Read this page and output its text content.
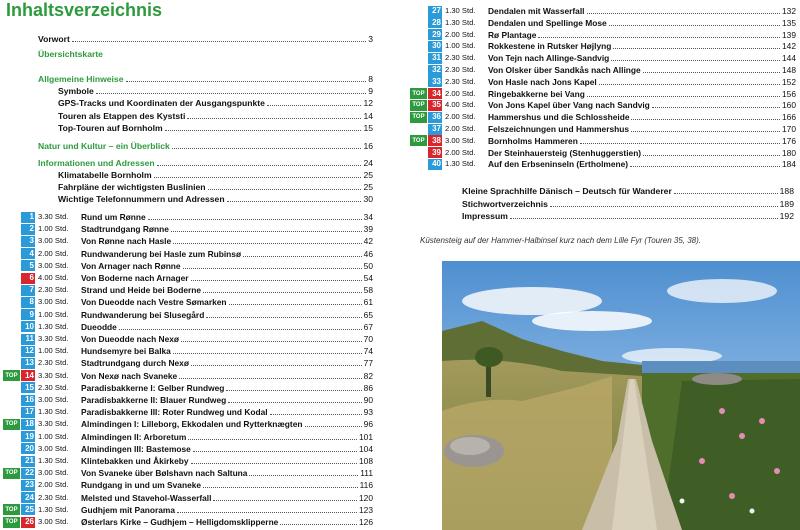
Inhaltsverzeichnis
Vorwort	3
Übersichtskarte
Allgemeine Hinweise	8
Symbole	9
GPS-Tracks und Koordinaten der Ausgangspunkte	12
Touren als Etappen des Kyststi	14
Top-Touren auf Bornholm	15
Natur und Kultur – ein Überblick	16
Informationen und Adressen	24
Klimatabelle Bornholm	25
Fahrpläne der wichtigsten Buslinien	25
Wichtige Telefonnummern und Adressen	30
1 3.30 Std.	Rund um Rønne	34
2 1.00 Std.	Stadtrundgang Rønne	39
3 3.00 Std.	Von Rønne nach Hasle	42
4 2.00 Std.	Rundwanderung bei Hasle zum Rubinsø	46
5 3.00 Std.	Von Arnager nach Rønne	50
6 4.00 Std.	Von Boderne nach Arnager	54
7 2.30 Std.	Strand und Heide bei Boderne	58
8 3.00 Std.	Von Dueodde nach Vestre Sømarken	61
9 1.00 Std.	Rundwanderung bei Slusegård	65
10 1.30 Std.	Dueodde	67
11 3.30 Std.	Von Dueodde nach Nexø	70
12 1.00 Std.	Hundsemyre bei Balka	74
13 2.30 Std.	Stadtrundgang durch Nexø	77
TOP 14 3.30 Std.	Von Nexø nach Svaneke	82
15 2.30 Std.	Paradisbakkerne I: Gelber Rundweg	86
16 3.00 Std.	Paradisbakkerne II: Blauer Rundweg	90
17 1.30 Std.	Paradisbakkerne III: Roter Rundweg und Kodal	93
TOP 18 3.30 Std.	Almindingen I: Lilleborg, Ekkodalen und Rytterknægten	96
19 1.00 Std.	Almindingen II: Arboretum	101
20 3.00 Std.	Almindingen III: Bastemose	104
21 1.30 Std.	Klintebakken und Åkirkeby	108
TOP 22 3.00 Std.	Von Svaneke über Bølshavn nach Saltuna	111
23 2.00 Std.	Rundgang in und um Svaneke	116
24 2.30 Std.	Melsted und Stavehol-Wasserfall	120
TOP 25 1.30 Std.	Gudhjem mit Panorama	123
TOP 26 3.00 Std.	Østerlars Kirke – Gudhjem – Helligdomsklipperne	126
27 1.30 Std.	Dendalen mit Wasserfall	132
28 1.30 Std.	Dendalen und Spellinge Mose	135
29 2.00 Std.	Rø Plantage	139
30 1.00 Std.	Rokkestene in Rutsker Højlyng	142
31 2.30 Std.	Von Tejn nach Allinge-Sandvig	144
32 2.30 Std.	Von Olsker über Sandkås nach Allinge	148
33 2.30 Std.	Von Hasle nach Jons Kapel	152
TOP 34 2.00 Std.	Ringebakkerne bei Vang	156
TOP 35 4.00 Std.	Von Jons Kapel über Vang nach Sandvig	160
TOP 36 2.00 Std.	Hammershus und die Schlossheide	166
37 2.00 Std.	Felszeichnungen und Hammershus	170
TOP 38 3.00 Std.	Bornholms Hammeren	176
39 2.00 Std.	Der Steinhauersteig (Stenhuggerstien)	180
40 1.30 Std.	Auf den Erbseninseln (Ertholmene)	184
Kleine Sprachhilfe Dänisch – Deutsch für Wanderer	188
Stichwortverzeichnis	189
Impressum	192
Küstensteig auf der Hammer-Halbinsel kurz nach dem Lille Fyr (Touren 35, 38).
